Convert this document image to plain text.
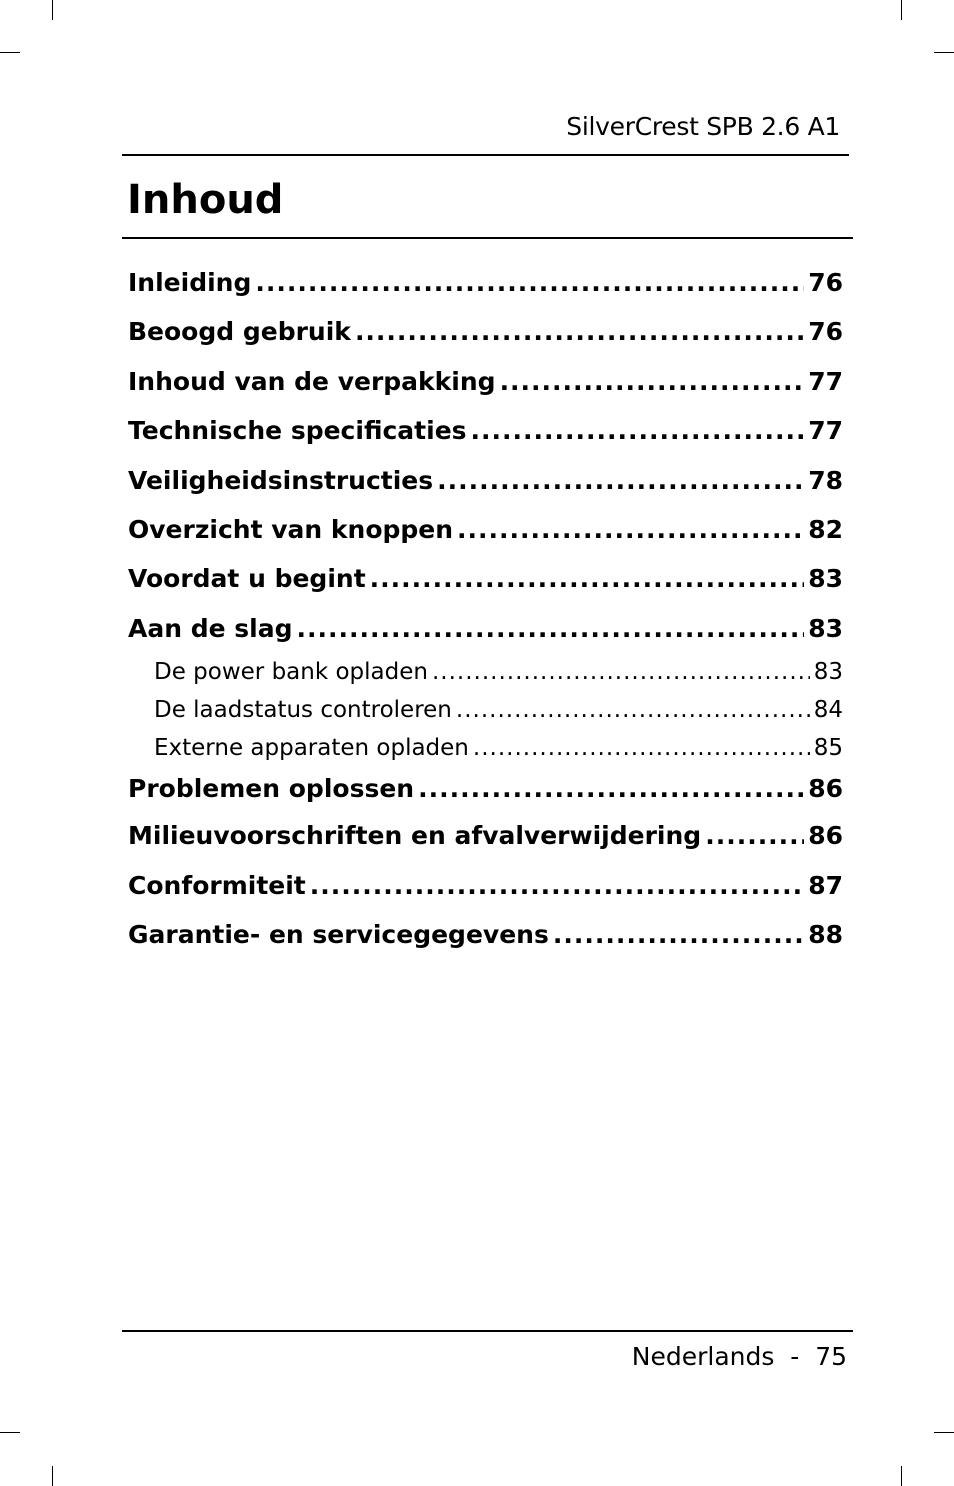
SilverCrest SPB 2.6 A1
Inhoud
Inleiding .....	76
Beoogd gebruik .....	76
Inhoud van de verpakking .....	77
Technische specificaties .....	77
Veiligheidsinstructies .....	78
Overzicht van knoppen .....	82
Voordat u begint .....	83
Aan de slag .....	83
De power bank opladen .....	83
De laadstatus controleren .....	84
Externe apparaten opladen .....	85
Problemen oplossen .....	86
Milieuvoorschriften en afvalverwijdering .....	86
Conformiteit .....	87
Garantie- en servicegegevens .....	88
Nederlands  -  75
